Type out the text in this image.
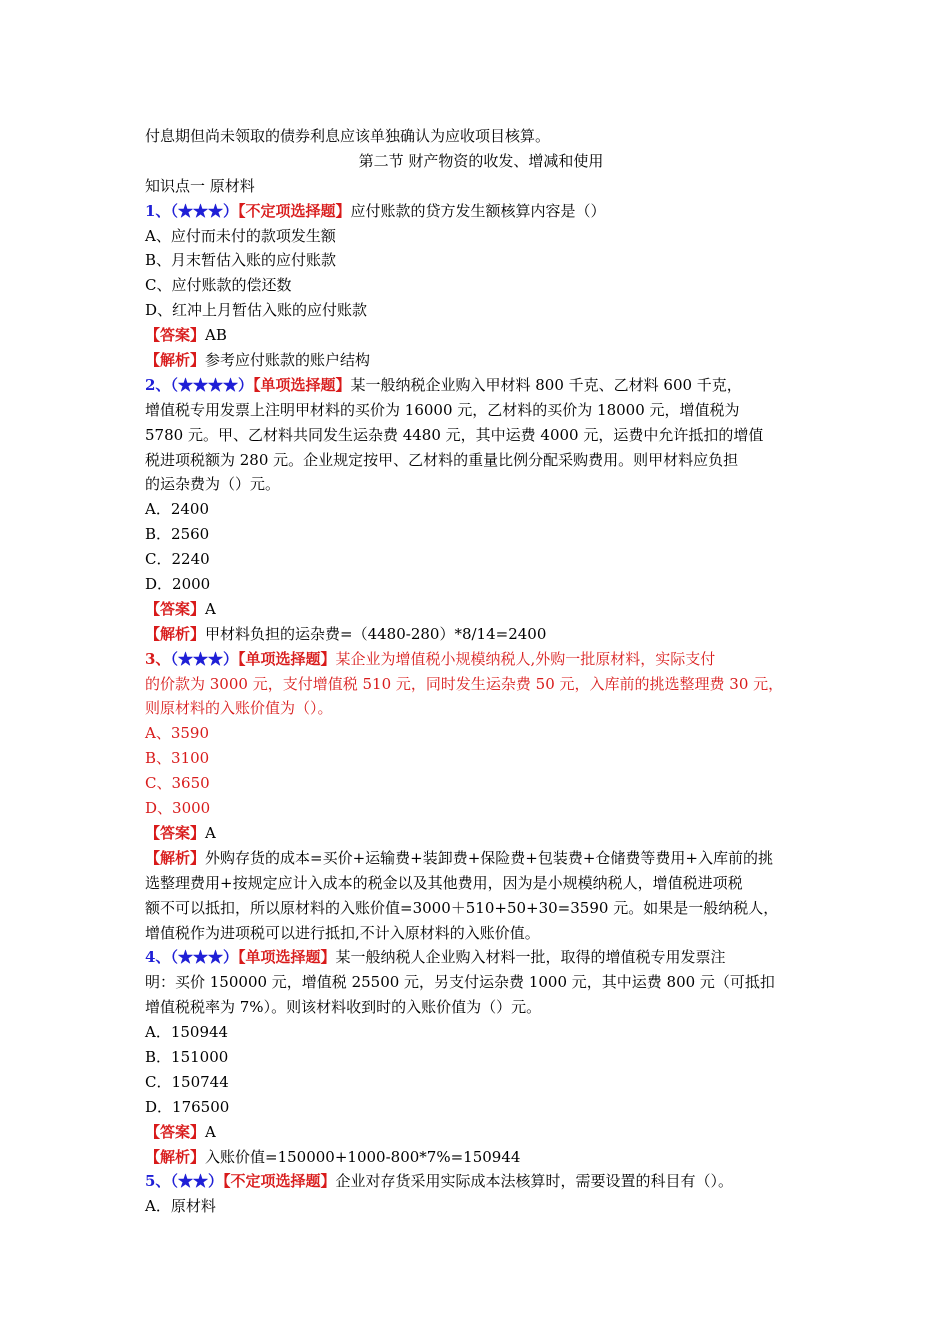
付息期但尚未领取的债券利息应该单独确认为应收项目核算。
第二节 财产物资的收发、增减和使用
知识点一 原材料
1、（★★★）【不定项选择题】应付账款的贷方发生额核算内容是（）
A、应付而未付的款项发生额
B、月末暂估入账的应付账款
C、应付账款的偿还数
D、红冲上月暂估入账的应付账款
【答案】AB
【解析】参考应付账款的账户结构
2、（★★★★）【单项选择题】某一般纳税企业购入甲材料 800 千克、乙材料 600 千克，
增值税专用发票上注明甲材料的买价为 16000 元，乙材料的买价为 18000 元，增值税为
5780 元。甲、乙材料共同发生运杂费 4480 元，其中运费 4000 元，运费中允许抵扣的增值
税进项税额为 280 元。企业规定按甲、乙材料的重量比例分配采购费用。则甲材料应负担
的运杂费为（）元。
A．2400
B．2560
C．2240
D．2000
【答案】A
【解析】甲材料负担的运杂费=（4480-280）*8/14=2400
3、（★★★）【单项选择题】某企业为增值税小规模纳税人,外购一批原材料，实际支付
的价款为 3000 元，支付增值税 510 元，同时发生运杂费 50 元，入库前的挑选整理费 30 元，
则原材料的入账价值为（）。
A、3590
B、3100
C、3650
D、3000
【答案】A
【解析】外购存货的成本=买价+运输费+装卸费+保险费+包装费+仓储费等费用+入库前的挑
选整理费用+按规定应计入成本的税金以及其他费用，因为是小规模纳税人，增值税进项税
额不可以抵扣，所以原材料的入账价值=3000＋510+50+30=3590 元。如果是一般纳税人，
增值税作为进项税可以进行抵扣,不计入原材料的入账价值。
4、（★★★）【单项选择题】某一般纳税人企业购入材料一批，取得的增值税专用发票注
明：买价 150000 元，增值税 25500 元，另支付运杂费 1000 元，其中运费 800 元（可抵扣
增值税税率为 7%）。则该材料收到时的入账价值为（）元。
A．150944
B．151000
C．150744
D．176500
【答案】A
【解析】入账价值=150000+1000-800*7%=150944
5、（★★）【不定项选择题】企业对存货采用实际成本法核算时，需要设置的科目有（）。
A．原材料
